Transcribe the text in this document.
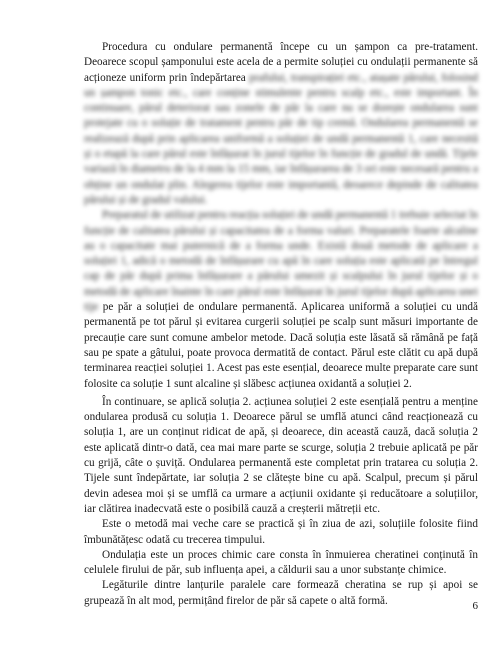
Procedura cu ondulare permanentă începe cu un șampon ca pre-tratament. Deoarece scopul șamponului este acela de a permite soluției cu ondulații permanente să acționeze uniform prin îndepărtarea prafului, transpirației etc., atașate părului, folosind un șampon tonic etc., care conține stimulente pentru scalp etc., este important. În continuare, părul deteriorat sau zonele de păr la care nu se dorește ondularea sunt protejate cu o soluție de tratament pentru păr de tip cremă. Ondularea permanentă se realizează după prin aplicarea uniformă a soluției de undă permanentă 1, care necesită și o etapă la care părul este înfășurat în jurul tijelor în funcție de gradul de undă. Tijele variază în diametru de la 4 mm la 15 mm, iar înfășurarea de 3 ori este necesară pentru a obține un ondulat plin. Alegerea tijelor este importantă, deoarece depinde de calitatea părului și de gradul valului.

Preparatul de utilizat pentru reacția soluției de undă permanentă 1 trebuie selectat în funcție de calitatea părului și capacitatea de a forma valuri. Preparatele foarte alcaline au o capacitate mai puternică de a forma unde. Există două metode de aplicare a soluției 1, adică o metodă de înfășurare cu apă în care soluția este aplicată pe întregul cap de păr după prima înfășurare a părului umezit și scalpului în jurul tijelor și o metodă de aplicare înainte în care părul este înfășurat în jurul tijelor după aplicarea unei tije pe păr a soluției de ondulare permanentă. Aplicarea uniformă a soluției cu undă permanentă pe tot părul și evitarea curgerii soluției pe scalp sunt măsuri importante de precauție care sunt comune ambelor metode. Dacă soluția este lăsată să rămână pe față sau pe spate a gâtului, poate provoca dermatită de contact. Părul este clătit cu apă după terminarea reacției soluției 1. Acest pas este esențial, deoarece multe preparate care sunt folosite ca soluție 1 sunt alcaline și slăbesc acțiunea oxidantă a soluției 2.

În continuare, se aplică soluția 2. acțiunea soluției 2 este esențială pentru a menține ondularea produsă cu soluția 1. Deoarece părul se umflă atunci când reacționează cu soluția 1, are un conținut ridicat de apă, și deoarece, din această cauză, dacă soluția 2 este aplicată dintr-o dată, cea mai mare parte se scurge, soluția 2 trebuie aplicată pe păr cu grijă, câte o șuviță. Ondularea permanentă este completat prin tratarea cu soluția 2. Tijele sunt îndepărtate, iar soluția 2 se clătește bine cu apă. Scalpul, precum și părul devin adesea moi și se umflă ca urmare a acțiunii oxidante și reducătoare a soluțiilor, iar clătirea inadecvată este o posibilă cauză a creșterii mătreții etc.

Este o metodă mai veche care se practică și în ziua de azi, soluțiile folosite fiind îmbunătățesc odată cu trecerea timpului.

Ondulația este un proces chimic care consta în înmuierea cheratinei conținută în celulele firului de păr, sub influența apei, a căldurii sau a unor substanțe chimice.

Legăturile dintre lanțurile paralele care formează cheratina se rup și apoi se grupează în alt mod, permițând firelor de păr să capete o altă formă.	6
